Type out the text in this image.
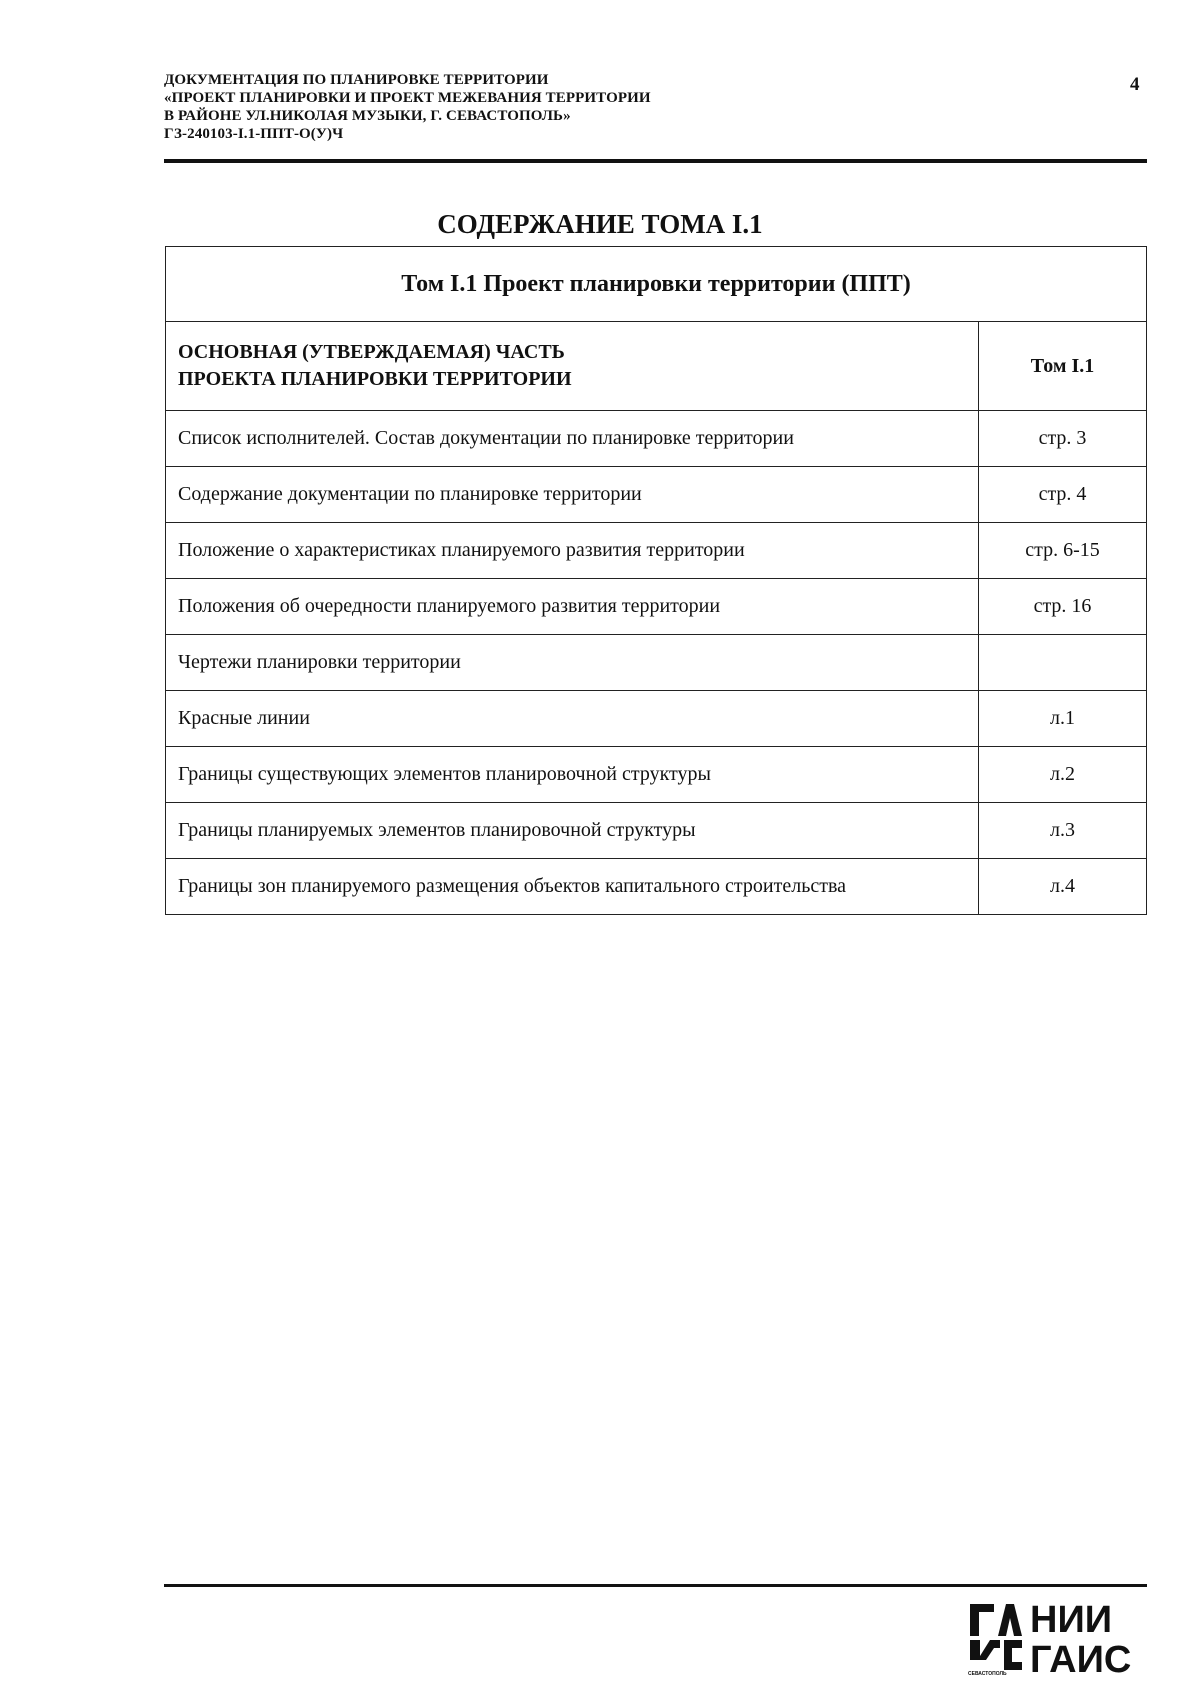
ДОКУМЕНТАЦИЯ ПО ПЛАНИРОВКЕ ТЕРРИТОРИИ
«ПРОЕКТ ПЛАНИРОВКИ И ПРОЕКТ МЕЖЕВАНИЯ ТЕРРИТОРИИ
В РАЙОНЕ УЛ.НИКОЛАЯ МУЗЫКИ, Г. СЕВАСТОПОЛЬ»
ГЗ-240103-I.1-ППТ-О(У)Ч
4
СОДЕРЖАНИЕ ТОМА I.1
Том I.1 Проект планировки территории (ППТ)	

ОСНОВНАЯ (УТВЕРЖДАЕМАЯ) ЧАСТЬ
ПРОЕКТА ПЛАНИРОВКИ ТЕРРИТОРИИ	Том I.1
Список исполнителей. Состав документации по планировке территории	стр. 3
Содержание документации по планировке территории	стр. 4
Положение о характеристиках планируемого развития территории	стр. 6-15
Положения об очередности планируемого развития территории	стр. 16
Чертежи планировки территории	
Красные линии	л.1
Границы существующих элементов планировочной структуры	л.2
Границы планируемых элементов планировочной структуры	л.3
Границы зон планируемого размещения объектов капитального строительства	л.4
СЕВАСТОПОЛЬ
НИИ
ГАИС
